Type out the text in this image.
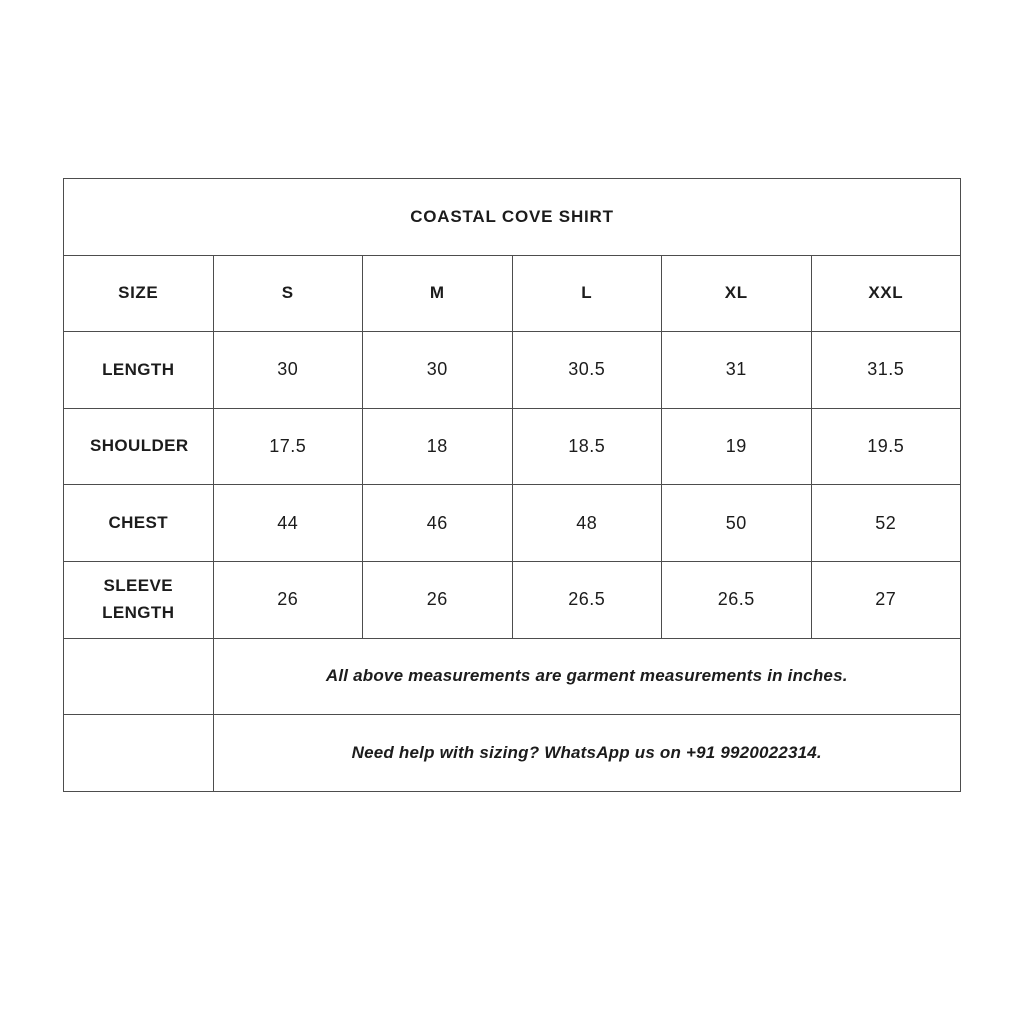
COASTAL COVE SHIRT					
SIZE	S	M	L	XL	XXL
LENGTH	30	30	30.5	31	31.5
SHOULDER	17.5	18	18.5	19	19.5
CHEST	44	46	48	50	52
SLEEVE LENGTH	26	26	26.5	26.5	27
	All above measurements are garment measurements in inches.				
	Need help with sizing? WhatsApp us on +91 9920022314.				
